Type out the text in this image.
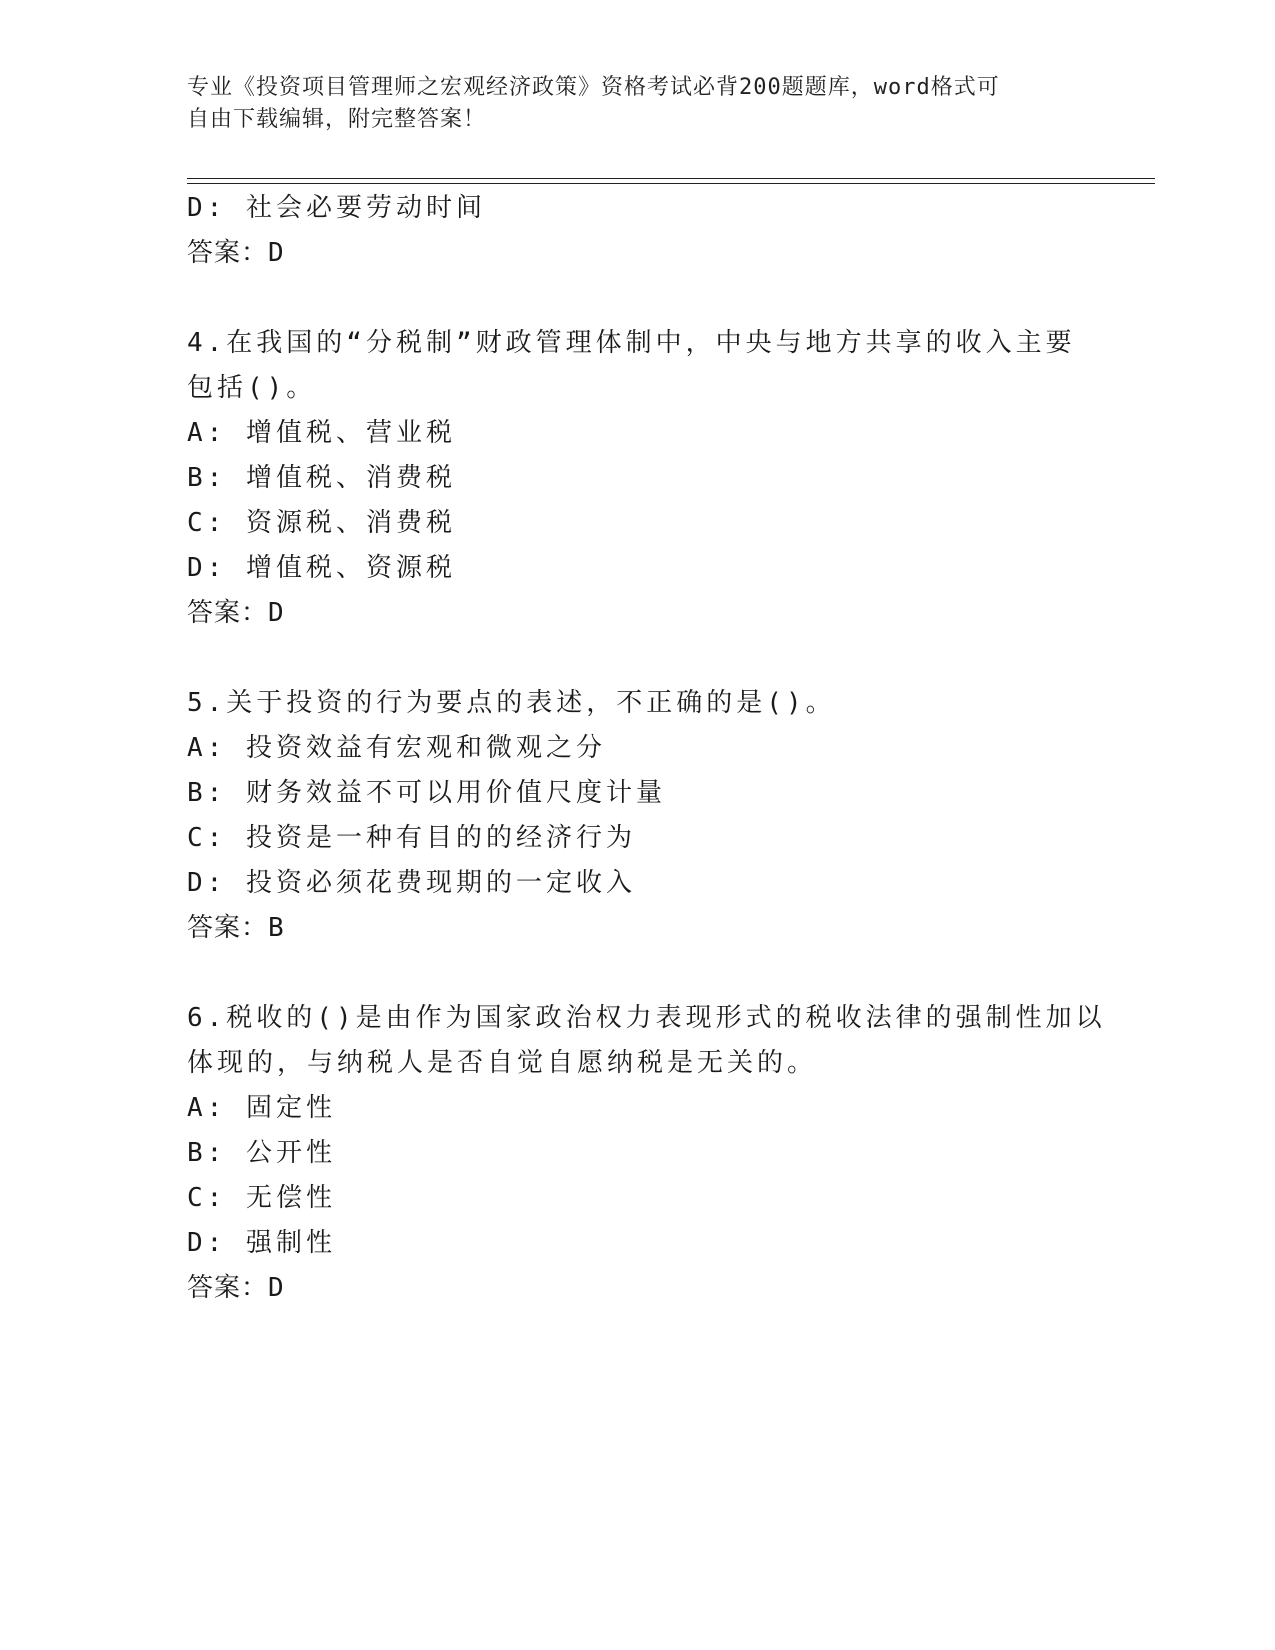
专业《投资项目管理师之宏观经济政策》资格考试必背200题题库，word格式可
自由下载编辑，附完整答案！
D: 社会必要劳动时间
答案：D
4.在我国的“分税制”财政管理体制中，中央与地方共享的收入主要
包括()。
A: 增值税、营业税
B: 增值税、消费税
C: 资源税、消费税
D: 增值税、资源税
答案：D
5.关于投资的行为要点的表述，不正确的是()。
A: 投资效益有宏观和微观之分
B: 财务效益不可以用价值尺度计量
C: 投资是一种有目的的经济行为
D: 投资必须花费现期的一定收入
答案：B
6.税收的()是由作为国家政治权力表现形式的税收法律的强制性加以
体现的，与纳税人是否自觉自愿纳税是无关的。
A: 固定性
B: 公开性
C: 无偿性
D: 强制性
答案：D
